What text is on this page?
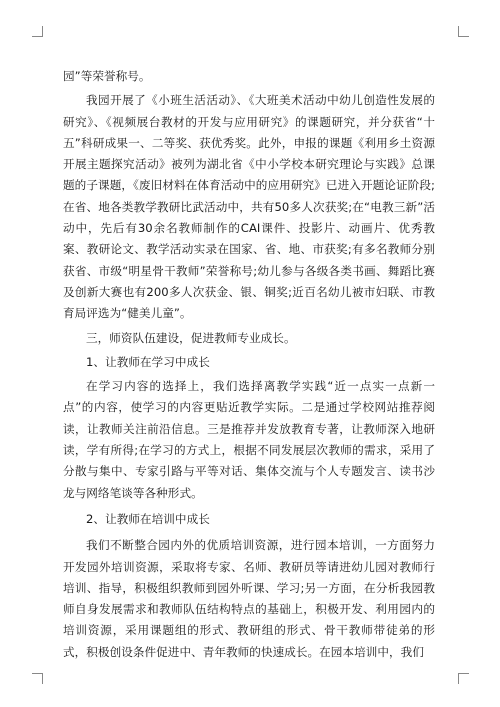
园”等荣誉称号。

我园开展了《小班生活活动》、《大班美术活动中幼儿创造性发展的研究》、《视频展台教材的开发与应用研究》的课题研究，并分获省“十五”科研成果一、二等奖、获优秀奖。此外，申报的课题《利用乡土资源开展主题探究活动》被列为湖北省《中小学校本研究理论与实践》总课题的子课题，《废旧材料在体育活动中的应用研究》已进入开题论证阶段;在省、地各类教学教研比武活动中，共有50多人次获奖;在“电教三新”活动中，先后有30余名教师制作的CAI课件、投影片、动画片、优秀教案、教研论文、教学活动实录在国家、省、地、市获奖;有多名教师分别获省、市级“明星骨干教师”荣誉称号;幼儿参与各级各类书画、舞蹈比赛及创新大赛也有200多人次获金、银、铜奖;近百名幼儿被市妇联、市教育局评选为“健美儿童”。

三，师资队伍建设，促进教师专业成长。

1、让教师在学习中成长

在学习内容的选择上，我们选择离教学实践“近一点实一点新一点”的内容，使学习的内容更贴近教学实际。二是通过学校网站推荐阅读，让教师关注前沿信息。三是推荐并发放教育专著，让教师深入地研读，学有所得;在学习的方式上，根据不同发展层次教师的需求，采用了分散与集中、专家引路与平等对话、集体交流与个人专题发言、读书沙龙与网络笔谈等各种形式。

2、让教师在培训中成长

我们不断整合园内外的优质培训资源，进行园本培训，一方面努力开发园外培训资源，采取将专家、名师、教研员等请进幼儿园对教师行培训、指导，积极组织教师到园外听课、学习;另一方面，在分析我园教师自身发展需求和教师队伍结构特点的基础上，积极开发、利用园内的培训资源，采用课题组的形式、教研组的形式、骨干教师带徒弟的形式，积极创设条件促进中、青年教师的快速成长。在园本培训中，我们
